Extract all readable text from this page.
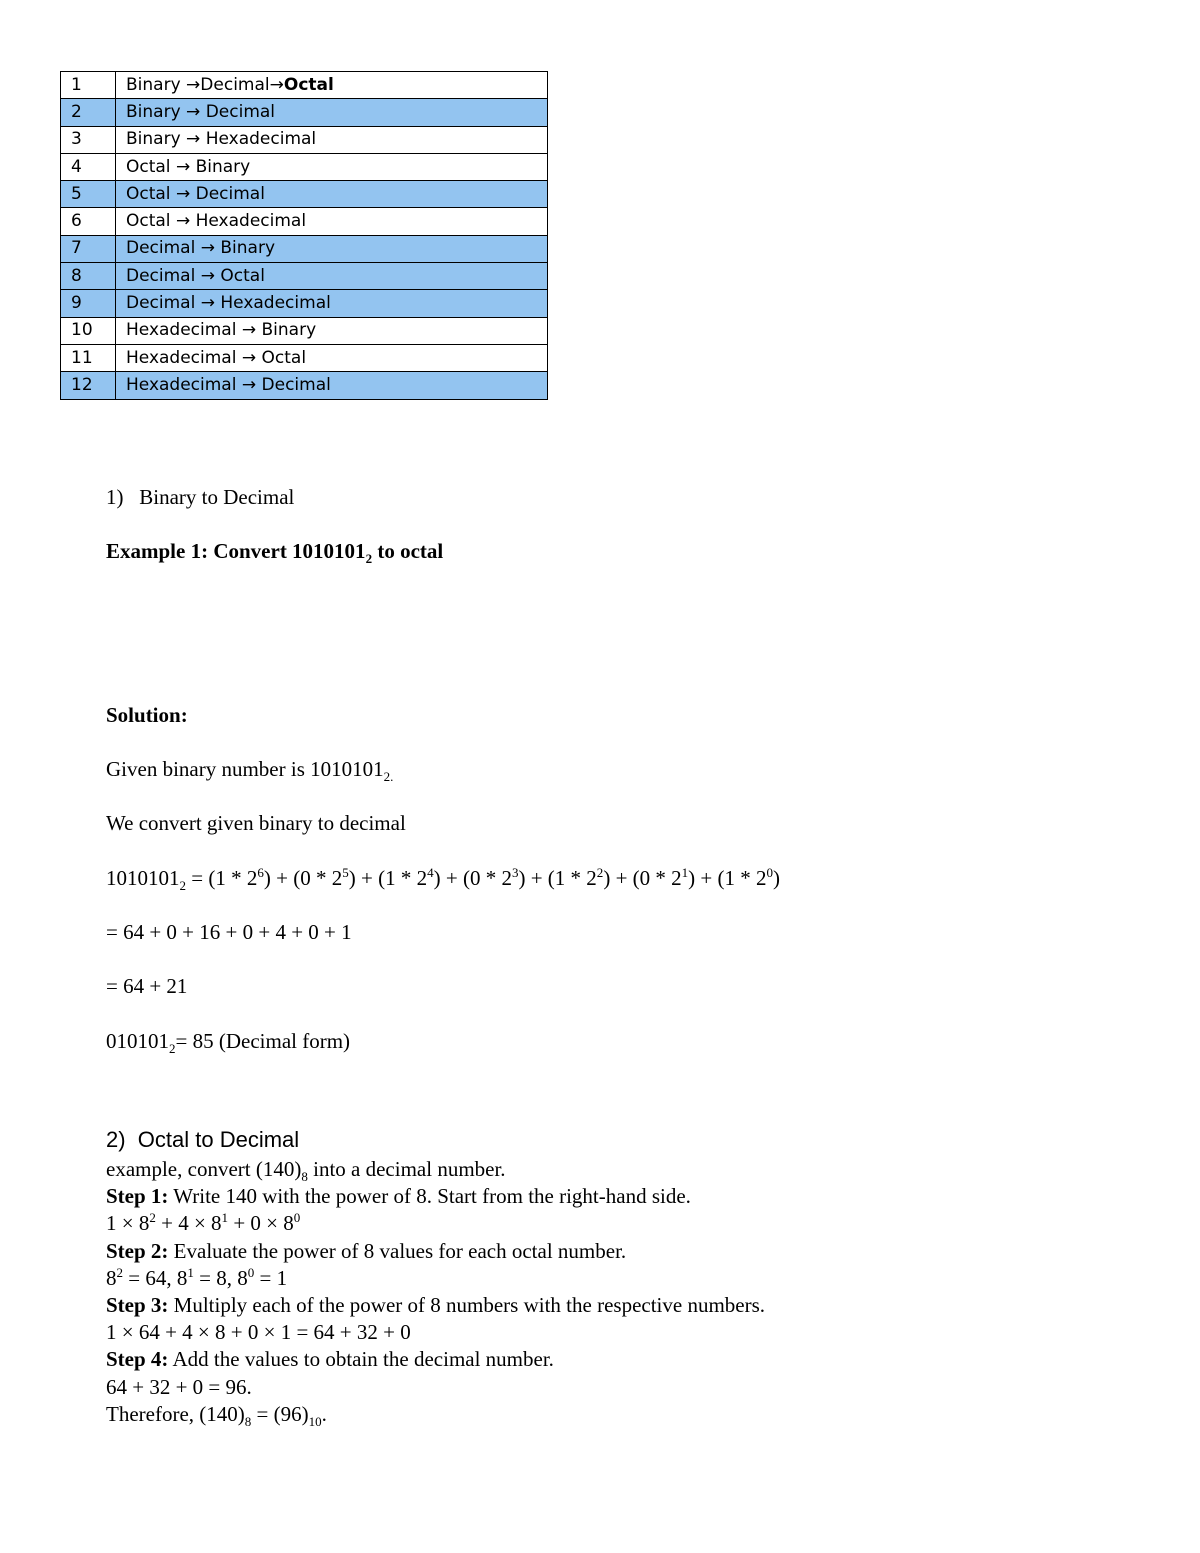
1	Binary →Decimal→Octal
2	Binary → Decimal
3	Binary → Hexadecimal
4	Octal → Binary
5	Octal → Decimal
6	Octal → Hexadecimal
7	Decimal → Binary
8	Decimal → Octal
9	Decimal → Hexadecimal
10	Hexadecimal → Binary
11	Hexadecimal → Octal
12	Hexadecimal → Decimal
1)   Binary to Decimal
Example 1: Convert $1010101_2$ to octal
Solution:
Given binary number is $1010101_{2.}$
We convert given binary to decimal
$1010101_2 = (1 * 2^6) + (0 * 2^5) + (1 * 2^4) + (0 * 2^3) + (1 * 2^2) + (0 * 2^1) + (1 * 2^0)$
= 64 + 0 + 16 + 0 + 4 + 0 + 1
= 64 + 21
$010101_2= 85$ (Decimal form)
2)  Octal to Decimal
example, convert $(140)_8$ into a decimal number.
Step 1: Write 140 with the power of 8. Start from the right-hand side.
$1 \times 8^2 + 4 \times 8^1 + 0 \times 8^0$
Step 2: Evaluate the power of 8 values for each octal number.
$8^2 = 64$, $8^1 = 8$, $8^0 = 1$
Step 3: Multiply each of the power of 8 numbers with the respective numbers.
1 × 64 + 4 × 8 + 0 × 1 = 64 + 32 + 0
Step 4: Add the values to obtain the decimal number.
64 + 32 + 0 = 96.
Therefore, $(140)_8 = (96)_{10}$.
